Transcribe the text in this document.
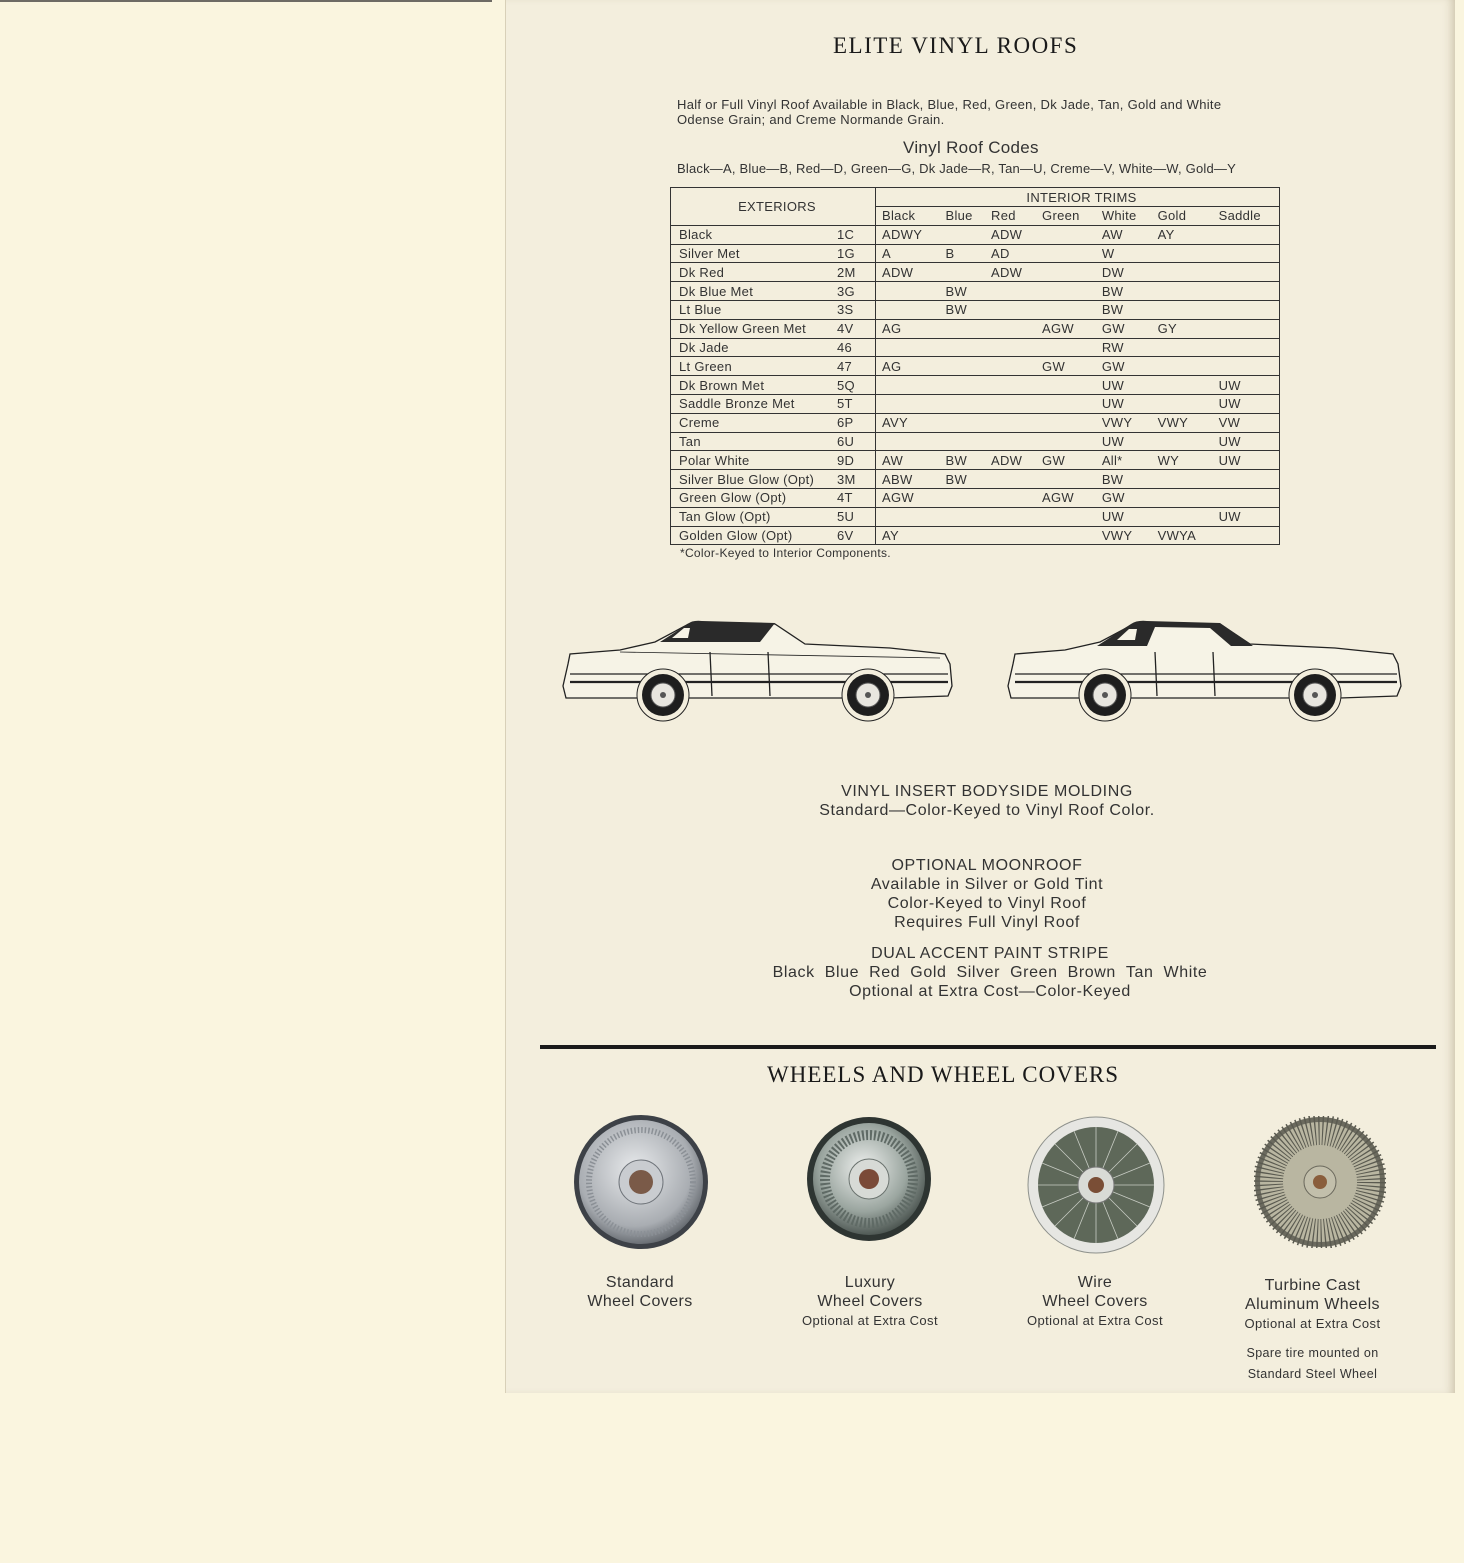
ELITE VINYL ROOFS
Half or Full Vinyl Roof Available in Black, Blue, Red, Green, Dk Jade, Tan, Gold and White
Odense Grain; and Creme Normande Grain.
Vinyl Roof Codes
Black—A, Blue—B, Red—D, Green—G, Dk Jade—R, Tan—U, Creme—V, White—W, Gold—Y
EXTERIORS		INTERIOR TRIMS						
		Black	Blue	Red	Green	White	Gold	Saddle
Black	1C	ADWY		ADW		AW	AY	
Silver Met	1G	A	B	AD		W		
Dk Red	2M	ADW		ADW		DW		
Dk Blue Met	3G		BW			BW		
Lt Blue	3S		BW			BW		
Dk Yellow Green Met	4V	AG			AGW	GW	GY	
Dk Jade	46					RW		
Lt Green	47	AG			GW	GW		
Dk Brown Met	5Q					UW		UW
Saddle Bronze Met	5T					UW		UW
Creme	6P	AVY				VWY	VWY	VW
Tan	6U					UW		UW
Polar White	9D	AW	BW	ADW	GW	All*	WY	UW
Silver Blue Glow (Opt)	3M	ABW	BW			BW		
Green Glow (Opt)	4T	AGW			AGW	GW		
Tan Glow (Opt)	5U					UW		UW
Golden Glow (Opt)	6V	AY				VWY	VWYA	
*Color-Keyed to Interior Components.
VINYL INSERT BODYSIDE MOLDING
Standard—Color-Keyed to Vinyl Roof Color.
OPTIONAL MOONROOF
Available in Silver or Gold Tint
Color-Keyed to Vinyl Roof
Requires Full Vinyl Roof
DUAL ACCENT PAINT STRIPE
Black Blue Red Gold Silver Green Brown Tan White
Optional at Extra Cost—Color-Keyed
WHEELS AND WHEEL COVERS
Standard
Wheel Covers
Luxury
Wheel Covers
Optional at Extra Cost
Wire
Wheel Covers
Optional at Extra Cost
Turbine Cast
Aluminum Wheels
Optional at Extra Cost
Spare tire mounted on
Standard Steel Wheel
